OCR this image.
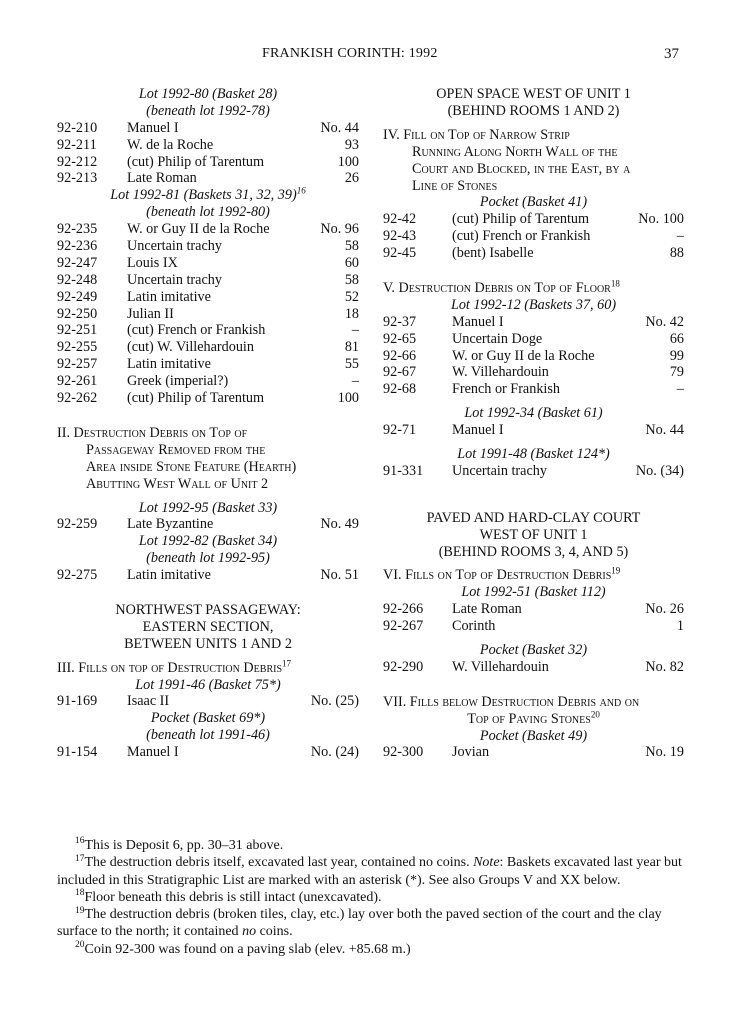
FRANKISH CORINTH: 1992	37
Lot 1992-80 (Basket 28)
(beneath lot 1992-78)
92-210	Manuel I	No. 44
92-211	W. de la Roche	93
92-212	(cut) Philip of Tarentum	100
92-213	Late Roman	26
Lot 1992-81 (Baskets 31, 32, 39)$^{16}$
(beneath lot 1992-80)
92-235	W. or Guy II de la Roche	No. 96
92-236	Uncertain trachy	58
92-247	Louis IX	60
92-248	Uncertain trachy	58
92-249	Latin imitative	52
92-250	Julian II	18
92-251	(cut) French or Frankish	–
92-255	(cut) W. Villehardouin	81
92-257	Latin imitative	55
92-261	Greek (imperial?)	–
92-262	(cut) Philip of Tarentum	100
II. Destruction Debris on Top of
Passageway Removed from the
Area inside Stone Feature (Hearth)
Abutting West Wall of Unit 2
Lot 1992-95 (Basket 33)
92-259	Late Byzantine	No. 49
Lot 1992-82 (Basket 34)
(beneath lot 1992-95)
92-275	Latin imitative	No. 51
NORTHWEST PASSAGEWAY:
EASTERN SECTION,
BETWEEN UNITS 1 AND 2
III. Fills on top of Destruction Debris$^{17}$
Lot 1991-46 (Basket 75*)
91-169	Isaac II	No. (25)
Pocket (Basket 69*)
(beneath lot 1991-46)
91-154	Manuel I	No. (24)
OPEN SPACE WEST OF UNIT 1
(BEHIND ROOMS 1 AND 2)
IV. Fill on Top of Narrow Strip
Running Along North Wall of the
Court and Blocked, in the East, by a
Line of Stones
Pocket (Basket 41)
92-42	(cut) Philip of Tarentum	No. 100
92-43	(cut) French or Frankish	–
92-45	(bent) Isabelle	88
V. Destruction Debris on Top of Floor$^{18}$
Lot 1992-12 (Baskets 37, 60)
92-37	Manuel I	No. 42
92-65	Uncertain Doge	66
92-66	W. or Guy II de la Roche	99
92-67	W. Villehardouin	79
92-68	French or Frankish	–
Lot 1992-34 (Basket 61)
92-71	Manuel I	No. 44
Lot 1991-48 (Basket 124*)
91-331	Uncertain trachy	No. (34)
PAVED AND HARD-CLAY COURT
WEST OF UNIT 1
(BEHIND ROOMS 3, 4, AND 5)
VI. Fills on Top of Destruction Debris$^{19}$
Lot 1992-51 (Basket 112)
92-266	Late Roman	No. 26
92-267	Corinth	1
Pocket (Basket 32)
92-290	W. Villehardouin	No. 82
VII. Fills below Destruction Debris and on
Top of Paving Stones$^{20}$
Pocket (Basket 49)
92-300	Jovian	No. 19

$^{16}$This is Deposit 6, pp. 30–31 above.

$^{17}$The destruction debris itself, excavated last year, contained no coins. Note: Baskets excavated last year but included in this Stratigraphic List are marked with an asterisk (*). See also Groups V and XX below.

$^{18}$Floor beneath this debris is still intact (unexcavated).

$^{19}$The destruction debris (broken tiles, clay, etc.) lay over both the paved section of the court and the clay surface to the north; it contained no coins.

$^{20}$Coin 92-300 was found on a paving slab (elev. +85.68 m.)
